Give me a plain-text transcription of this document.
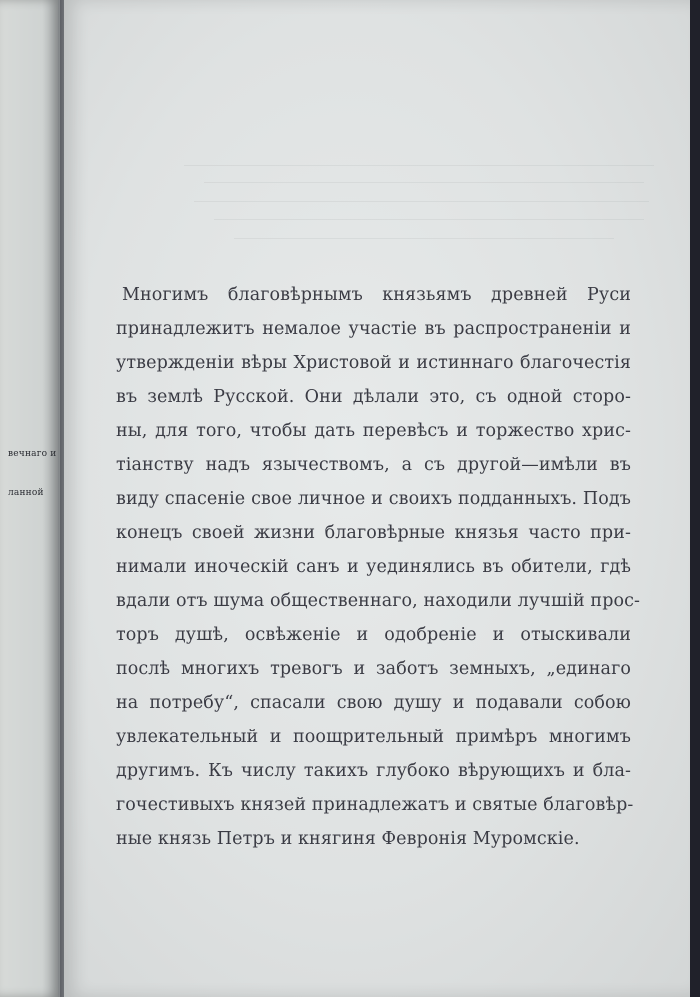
вечнаго и
ланной
Многимъ благовѣрнымъ князьямъ древней Руси
принадлежитъ немалое участіе въ распространеніи и
утвержденіи вѣры Христовой и истиннаго благочестія
въ землѣ Русской. Они дѣлали это, съ одной сторо-
ны, для того, чтобы дать перевѣсъ и торжество хрис-
тіанству надъ язычествомъ, а съ другой—имѣли въ
виду спасеніе свое личное и своихъ подданныхъ. Подъ
конецъ своей жизни благовѣрные князья часто при-
нимали иноческій санъ и уединялись въ обители, гдѣ
вдали отъ шума общественнаго, находили лучшій прос-
торъ душѣ, освѣженіе и одобреніе и отыскивали
послѣ многихъ тревогъ и заботъ земныхъ, „единаго
на потребу“, спасали свою душу и подавали собою
увлекательный и поощрительный примѣръ многимъ
другимъ. Къ числу такихъ глубоко вѣрующихъ и бла-
гочестивыхъ князей принадлежатъ и святые благовѣр-
ные князь Петръ и княгиня Февронія Муромскіе.
